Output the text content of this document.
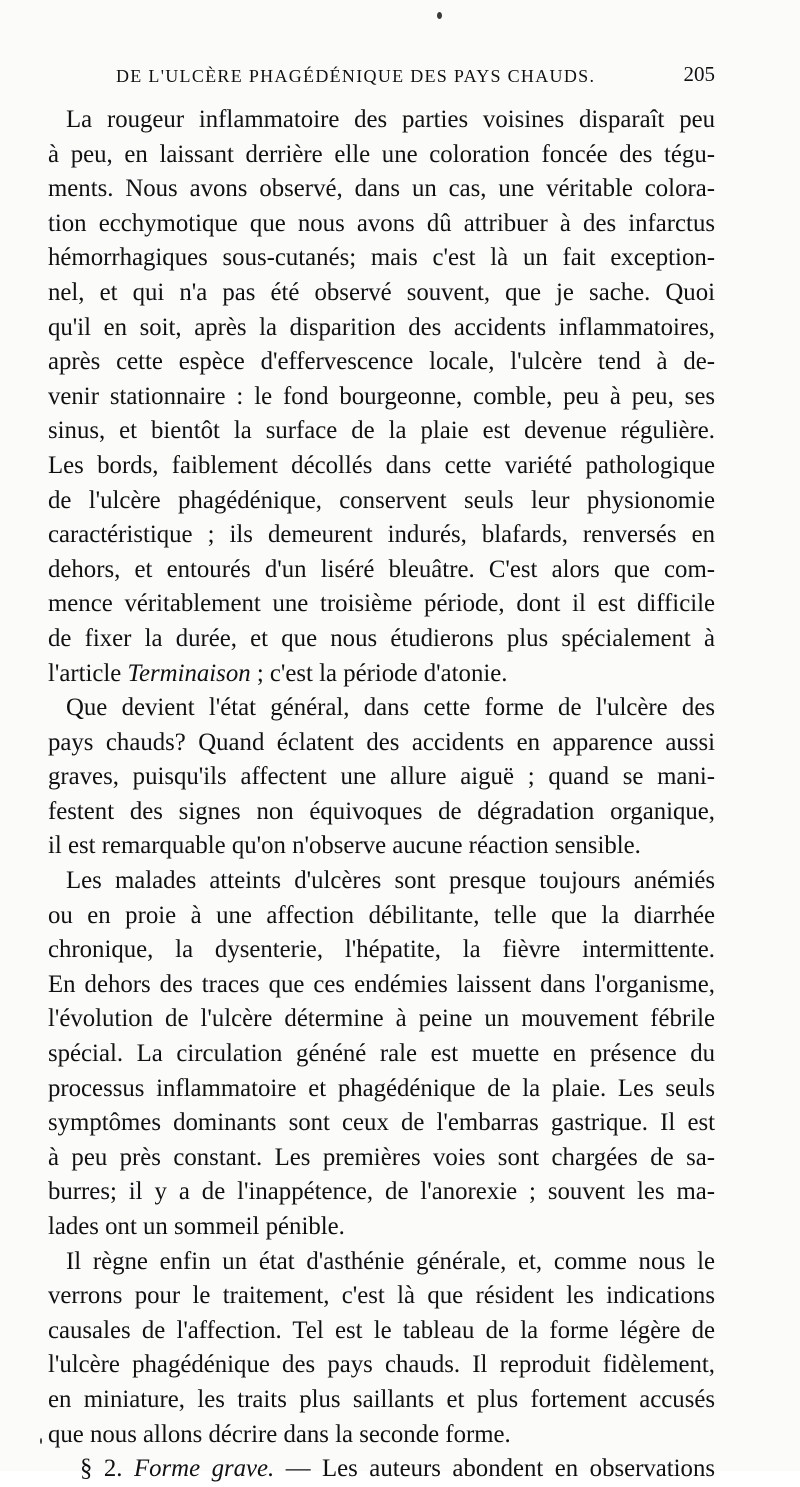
DE L'ULCÈRE PHAGÉDÉNIQUE DES PAYS CHAUDS.	205
La rougeur inflammatoire des parties voisines disparaît peu
à peu, en laissant derrière elle une coloration foncée des tégu-
ments. Nous avons observé, dans un cas, une véritable colora-
tion ecchymotique que nous avons dû attribuer à des infarctus
hémorrhagiques sous-cutanés; mais c'est là un fait exception-
nel, et qui n'a pas été observé souvent, que je sache. Quoi
qu'il en soit, après la disparition des accidents inflammatoires,
après cette espèce d'effervescence locale, l'ulcère tend à de-
venir stationnaire : le fond bourgeonne, comble, peu à peu, ses
sinus, et bientôt la surface de la plaie est devenue régulière.
Les bords, faiblement décollés dans cette variété pathologique
de l'ulcère phagédénique, conservent seuls leur physionomie
caractéristique ; ils demeurent indurés, blafards, renversés en
dehors, et entourés d'un liséré bleuâtre. C'est alors que com-
mence véritablement une troisième période, dont il est difficile
de fixer la durée, et que nous étudierons plus spécialement à
l'article Terminaison ; c'est la période d'atonie.
Que devient l'état général, dans cette forme de l'ulcère des
pays chauds? Quand éclatent des accidents en apparence aussi
graves, puisqu'ils affectent une allure aiguë ; quand se mani-
festent des signes non équivoques de dégradation organique,
il est remarquable qu'on n'observe aucune réaction sensible.
Les malades atteints d'ulcères sont presque toujours anémiés
ou en proie à une affection débilitante, telle que la diarrhée
chronique, la dysenterie, l'hépatite, la fièvre intermittente.
En dehors des traces que ces endémies laissent dans l'organisme,
l'évolution de l'ulcère détermine à peine un mouvement fébrile
spécial. La circulation généné rale est muette en présence du
processus inflammatoire et phagédénique de la plaie. Les seuls
symptômes dominants sont ceux de l'embarras gastrique. Il est
à peu près constant. Les premières voies sont chargées de sa-
burres; il y a de l'inappétence, de l'anorexie ; souvent les ma-
lades ont un sommeil pénible.
Il règne enfin un état d'asthénie générale, et, comme nous le
verrons pour le traitement, c'est là que résident les indications
causales de l'affection. Tel est le tableau de la forme légère de
l'ulcère phagédénique des pays chauds. Il reproduit fidèlement,
en miniature, les traits plus saillants et plus fortement accusés
que nous allons décrire dans la seconde forme.
§ 2. Forme grave. — Les auteurs abondent en observations
